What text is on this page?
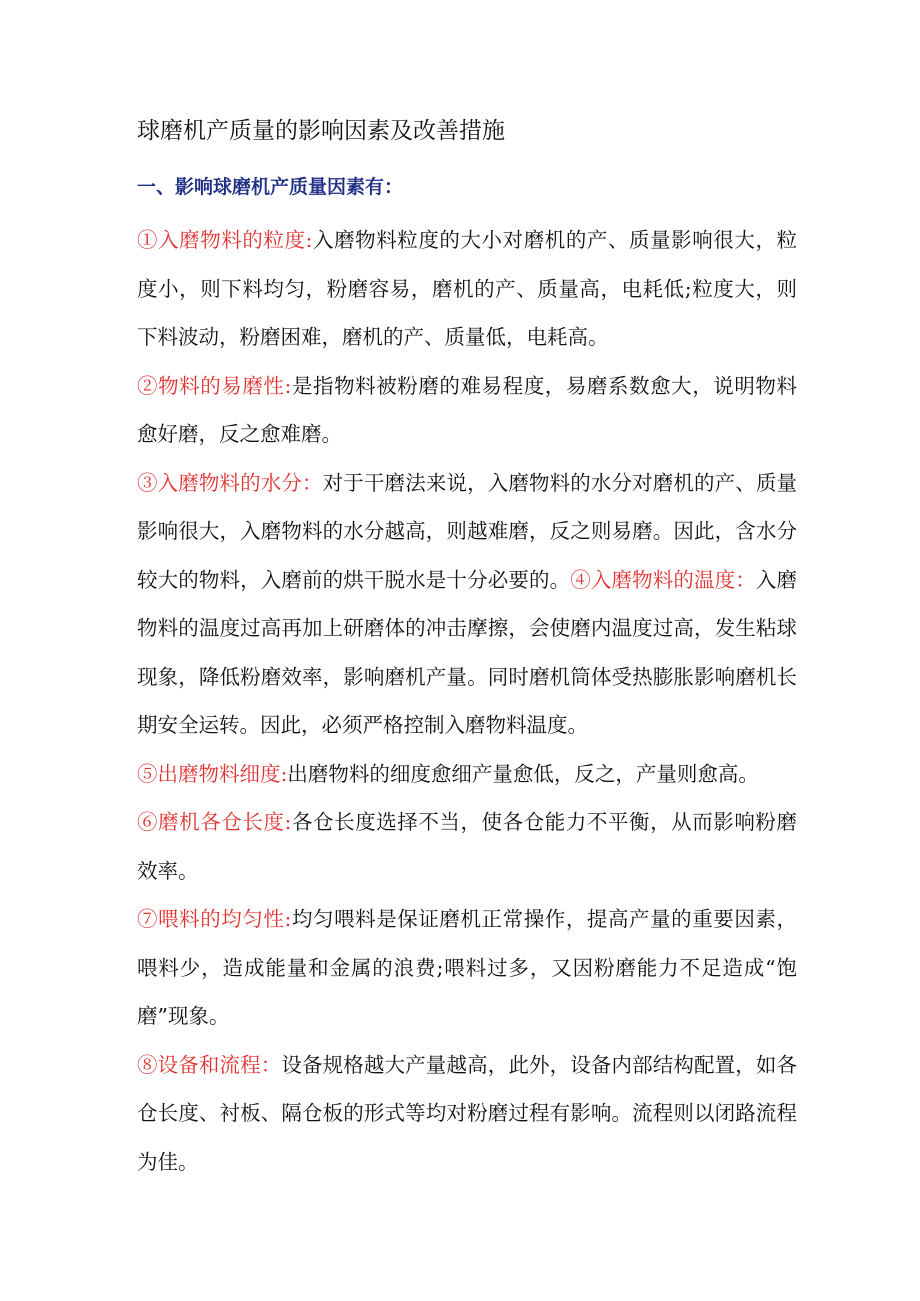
球磨机产质量的影响因素及改善措施
一、影响球磨机产质量因素有：

①入磨物料的粒度:入磨物料粒度的大小对磨机的产、质量影响很大，粒度小，则下料均匀，粉磨容易，磨机的产、质量高，电耗低;粒度大，则下料波动，粉磨困难，磨机的产、质量低，电耗高。

②物料的易磨性:是指物料被粉磨的难易程度，易磨系数愈大，说明物料愈好磨，反之愈难磨。

③入磨物料的水分：对于干磨法来说，入磨物料的水分对磨机的产、质量影响很大，入磨物料的水分越高，则越难磨，反之则易磨。因此，含水分较大的物料，入磨前的烘干脱水是十分必要的。④入磨物料的温度：入磨物料的温度过高再加上研磨体的冲击摩擦，会使磨内温度过高，发生粘球现象，降低粉磨效率，影响磨机产量。同时磨机筒体受热膨胀影响磨机长期安全运转。因此，必须严格控制入磨物料温度。

⑤出磨物料细度:出磨物料的细度愈细产量愈低，反之，产量则愈高。

⑥磨机各仓长度:各仓长度选择不当，使各仓能力不平衡，从而影响粉磨效率。

⑦喂料的均匀性:均匀喂料是保证磨机正常操作，提高产量的重要因素，喂料少，造成能量和金属的浪费;喂料过多，又因粉磨能力不足造成“饱磨”现象。

⑧设备和流程：设备规格越大产量越高，此外，设备内部结构配置，如各仓长度、衬板、隔仓板的形式等均对粉磨过程有影响。流程则以闭路流程为佳。
